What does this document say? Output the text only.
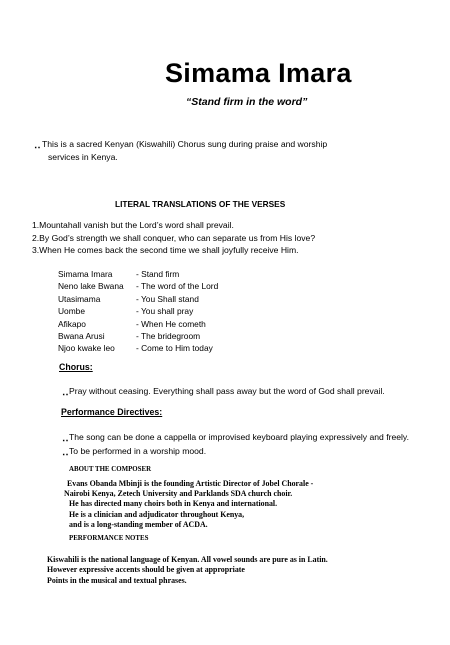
Simama Imara
“Stand firm in the word”
‥ This is a sacred Kenyan (Kiswahili) Chorus sung during praise and worship
services in Kenya.
LITERAL TRANSLATIONS OF THE VERSES
1.Mountahall vanish but the Lord’s word shall prevail.
2.By God’s strength we shall conquer, who can separate us from His love?
3.When He comes back the second time we shall joyfully receive Him.
Simama Imara	- Stand firm
Neno lake Bwana	- The word of the Lord
Utasimama	- You Shall stand
Uombe	- You shall pray
Afikapo	- When He cometh
Bwana Arusi	- The bridegroom
Njoo kwake leo	- Come to Him today
Chorus:
‥ Pray without ceasing. Everything shall pass away but the word of God shall prevail.
Performance Directives:
‥ The song can be done a cappella or improvised keyboard playing expressively and freely.
‥ To be performed in a worship mood.
ABOUT THE COMPOSER
Evans Obanda Mbinji is the founding Artistic Director of Jobel Chorale -
Nairobi Kenya, Zetech University and Parklands SDA church choir.
He has directed many choirs both in Kenya and international.
He is a clinician and adjudicator throughout Kenya,
and is a long-standing member of ACDA.
PERFORMANCE NOTES
Kiswahili is the national language of Kenyan. All vowel sounds are pure as in Latin.
However expressive accents should be given at appropriate
Points in the musical and textual phrases.
